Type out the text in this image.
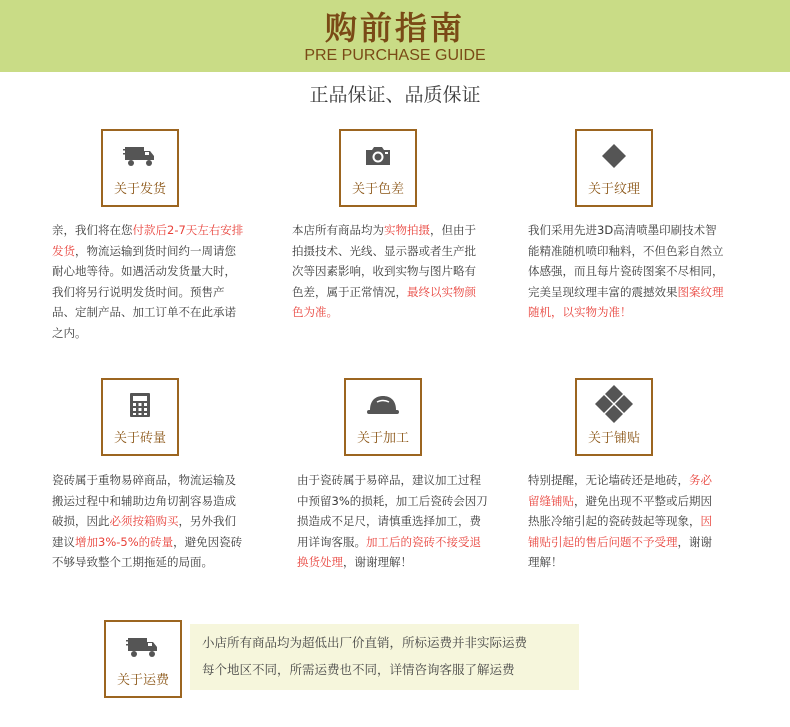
购前指南
PRE PURCHASE GUIDE
正品保证、品质保证
关于发货
亲，我们将在您付款后2-7天左右安排发货，物流运输到货时间约一周请您耐心地等待。如遇活动发货量大时，我们将另行说明发货时间。预售产品、定制产品、加工订单不在此承诺之内。
关于色差
本店所有商品均为实物拍摄，但由于拍摄技术、光线、显示器或者生产批次等因素影响，收到实物与图片略有色差，属于正常情况，最终以实物颜色为准。
关于纹理
我们采用先进3D高清喷墨印刷技术智能精准随机喷印釉料，不但色彩自然立体感强，而且每片瓷砖图案不尽相同，完美呈现纹理丰富的震撼效果图案纹理随机，以实物为准！
关于砖量
瓷砖属于重物易碎商品，物流运输及搬运过程中和辅助边角切割容易造成破损，因此必须按箱购买，另外我们建议增加3%-5%的砖量，避免因瓷砖不够导致整个工期拖延的局面。
关于加工
由于瓷砖属于易碎品，建议加工过程中预留3%的损耗，加工后瓷砖会因刀损造成不足尺，请慎重选择加工，费用详询客服。加工后的瓷砖不接受退换货处理，谢谢理解！
关于铺贴
特别提醒，无论墙砖还是地砖，务必留缝铺贴，避免出现不平整或后期因热胀冷缩引起的瓷砖鼓起等现象，因铺贴引起的售后问题不予受理，谢谢理解！
关于运费
小店所有商品均为超低出厂价直销，所标运费并非实际运费
每个地区不同，所需运费也不同，详情咨询客服了解运费
